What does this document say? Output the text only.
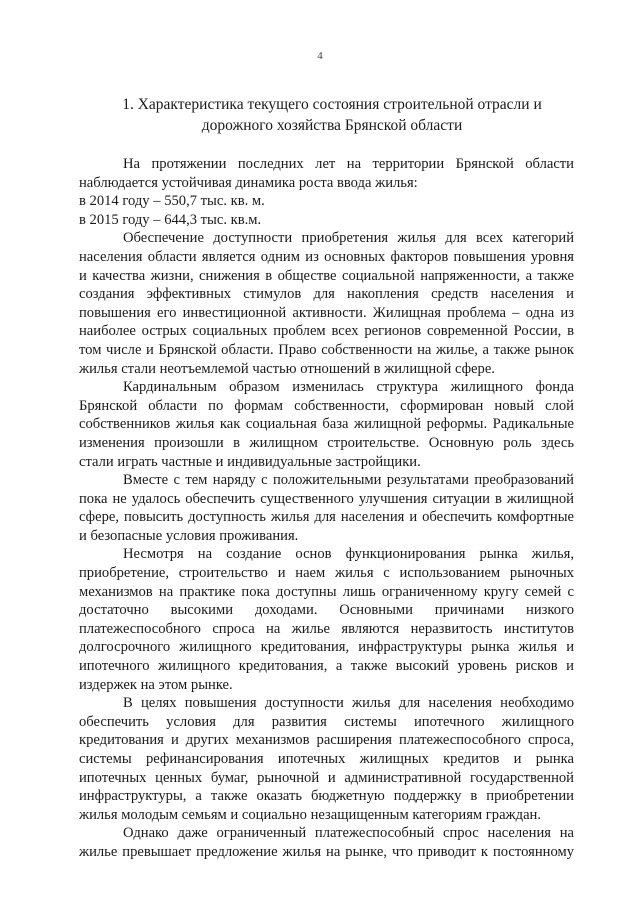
4
1. Характеристика текущего состояния строительной отрасли и
дорожного хозяйства Брянской области
На протяжении последних лет на территории Брянской области
наблюдается устойчивая динамика роста ввода жилья:
в 2014 году – 550,7 тыс. кв. м.
в 2015 году – 644,3 тыс. кв.м.
Обеспечение доступности приобретения жилья для всех категорий
населения области является одним из основных факторов повышения уровня
и качества жизни, снижения в обществе социальной напряженности, а также
создания эффективных стимулов для накопления средств населения и
повышения его инвестиционной активности. Жилищная проблема – одна из
наиболее острых социальных проблем всех регионов современной России, в
том числе и Брянской области. Право собственности на жилье, а также рынок
жилья стали неотъемлемой частью отношений в жилищной сфере.
Кардинальным образом изменилась структура жилищного фонда
Брянской области по формам собственности, сформирован новый слой
собственников жилья как социальная база жилищной реформы. Радикальные
изменения произошли в жилищном строительстве. Основную роль здесь
стали играть частные и индивидуальные застройщики.
Вместе с тем наряду с положительными результатами преобразований
пока не удалось обеспечить существенного улучшения ситуации в жилищной
сфере, повысить доступность жилья для населения и обеспечить комфортные
и безопасные условия проживания.
Несмотря на создание основ функционирования рынка жилья,
приобретение, строительство и наем жилья с использованием рыночных
механизмов на практике пока доступны лишь ограниченному кругу семей с
достаточно высокими доходами. Основными причинами низкого
платежеспособного спроса на жилье являются неразвитость институтов
долгосрочного жилищного кредитования, инфраструктуры рынка жилья и
ипотечного жилищного кредитования, а также высокий уровень рисков и
издержек на этом рынке.
В целях повышения доступности жилья для населения необходимо
обеспечить условия для развития системы ипотечного жилищного
кредитования и других механизмов расширения платежеспособного спроса,
системы рефинансирования ипотечных жилищных кредитов и рынка
ипотечных ценных бумаг, рыночной и административной государственной
инфраструктуры, а также оказать бюджетную поддержку в приобретении
жилья молодым семьям и социально незащищенным категориям граждан.
Однако даже ограниченный платежеспособный спрос населения на
жилье превышает предложение жилья на рынке, что приводит к постоянному
